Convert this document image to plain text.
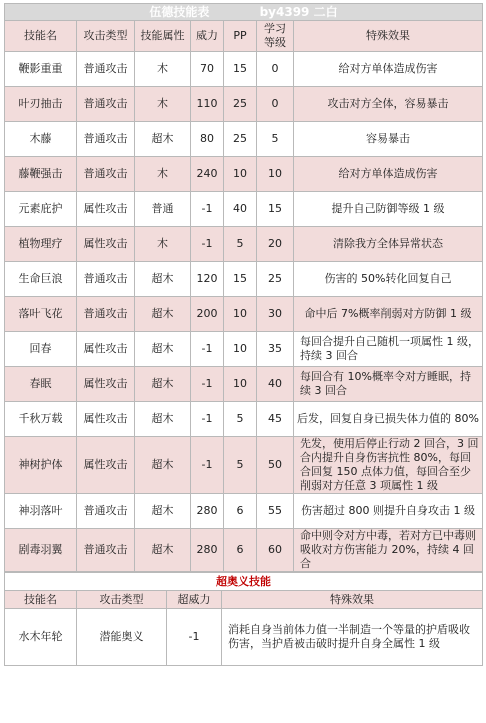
伍德技能表 by4399 二白						
技能名	攻击类型	技能属性	威力	PP	学习等级	特殊效果
鞭影重重	普通攻击	木	70	15	0	给对方单体造成伤害
叶刃抽击	普通攻击	木	110	25	0	攻击对方全体，容易暴击
木藤	普通攻击	超木	80	25	5	容易暴击
藤鞭强击	普通攻击	木	240	10	10	给对方单体造成伤害
元素庇护	属性攻击	普通	-1	40	15	提升自己防御等级 1 级
植物理疗	属性攻击	木	-1	5	20	清除我方全体异常状态
生命巨浪	普通攻击	超木	120	15	25	伤害的 50%转化回复自己
落叶飞花	普通攻击	超木	200	10	30	命中后 7%概率削弱对方防御 1 级
回春	属性攻击	超木	-1	10	35	每回合提升自己随机一项属性 1 级，持续 3 回合
春眠	属性攻击	超木	-1	10	40	每回合有 10%概率令对方睡眠，持续 3 回合
千秋万载	属性攻击	超木	-1	5	45	后发，回复自身已损失体力值的 80%
神树护体	属性攻击	超木	-1	5	50	先发，使用后停止行动 2 回合，3 回合内提升自身伤害抗性 80%，每回合回复 150 点体力值，每回合至少削弱对方任意 3 项属性 1 级
神羽落叶	普通攻击	超木	280	6	55	伤害超过 800 则提升自身攻击 1 级
剧毒羽翼	普通攻击	超木	280	6	60	命中则令对方中毒，若对方已中毒则吸收对方伤害能力 20%，持续 4 回合
超奥义技能			
技能名	攻击类型	超威力	特殊效果
水木年轮	潜能奥义	-1	消耗自身当前体力值一半制造一个等量的护盾吸收伤害，当护盾被击破时提升自身全属性 1 级
